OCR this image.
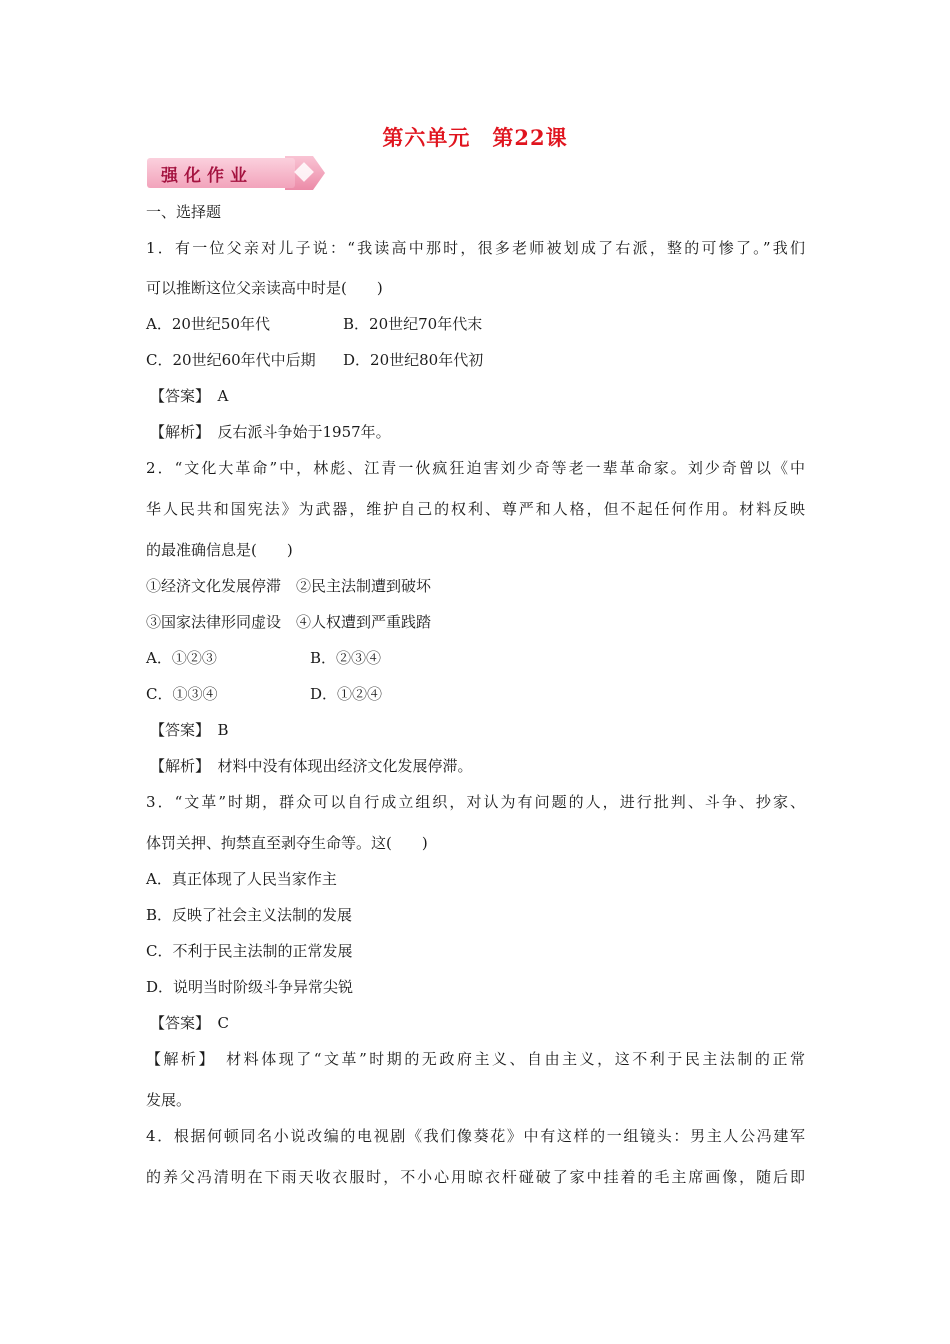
第六单元　第22课
强化作业
一、选择题
1．有一位父亲对儿子说：“我读高中那时，很多老师被划成了右派，整的可惨了。”我们
可以推断这位父亲读高中时是(　　)
A．20世纪50年代	B．20世纪70年代末
C．20世纪60年代中后期 D．20世纪80年代初
【答案】　A
【解析】　反右派斗争始于1957年。
2．“文化大革命”中，林彪、江青一伙疯狂迫害刘少奇等老一辈革命家。刘少奇曾以《中
华人民共和国宪法》为武器，维护自己的权利、尊严和人格，但不起任何作用。材料反映
的最准确信息是(　　)
①经济文化发展停滞　②民主法制遭到破坏
③国家法律形同虚设　④人权遭到严重践踏
A．①②③	B．②③④
C．①③④	D．①②④
【答案】　B
【解析】　材料中没有体现出经济文化发展停滞。
3．“文革”时期，群众可以自行成立组织，对认为有问题的人，进行批判、斗争、抄家、
体罚关押、拘禁直至剥夺生命等。这(　　)
A．真正体现了人民当家作主
B．反映了社会主义法制的发展
C．不利于民主法制的正常发展
D．说明当时阶级斗争异常尖锐
【答案】　C
【解析】　材料体现了“文革”时期的无政府主义、自由主义，这不利于民主法制的正常
发展。
4．根据何顿同名小说改编的电视剧《我们像葵花》中有这样的一组镜头：男主人公冯建军
的养父冯清明在下雨天收衣服时，不小心用晾衣杆碰破了家中挂着的毛主席画像，随后即
